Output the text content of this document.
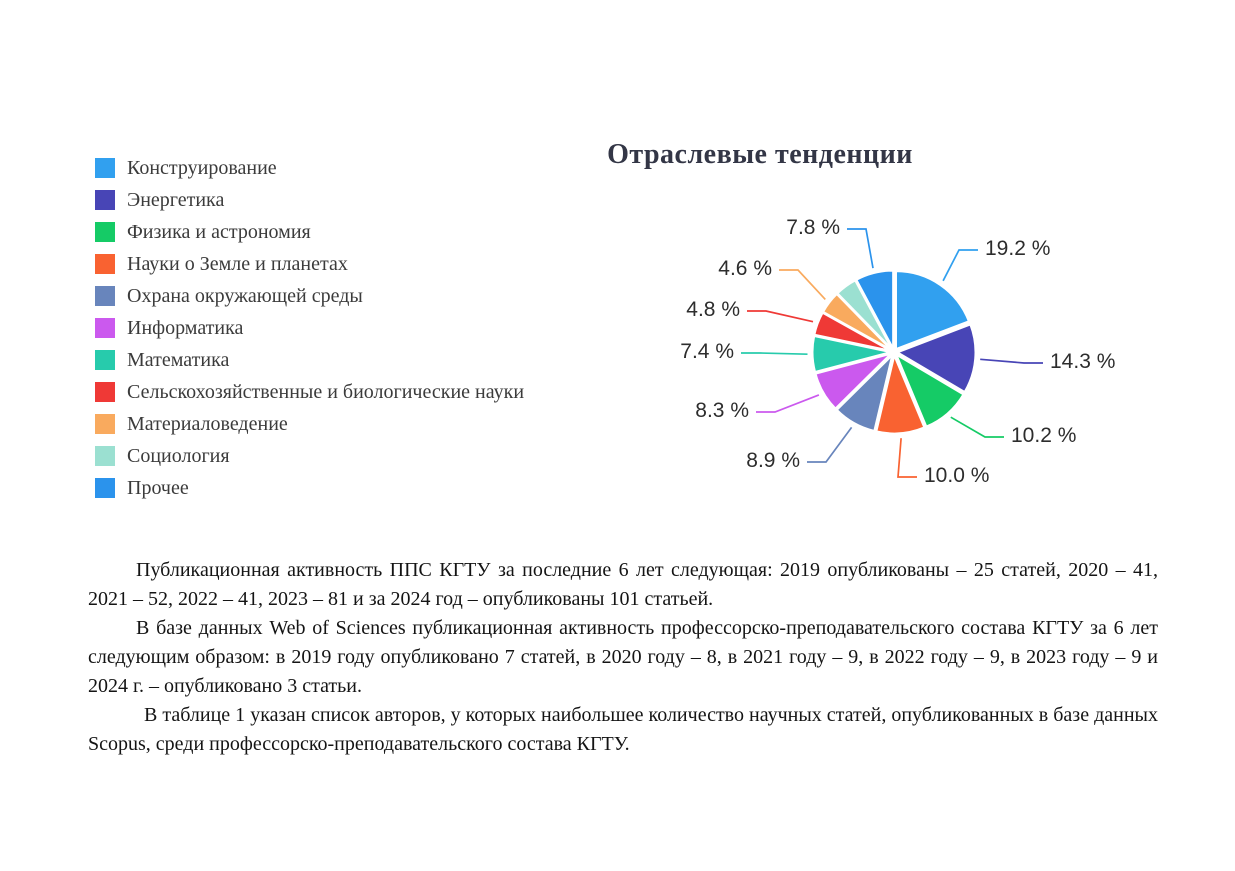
Отраслевые тенденции
Конструирование
Энергетика
Физика и астрономия
Науки о Земле и планетах
Охрана окружающей среды
Информатика
Математика
Сельскохозяйственные и биологические науки
Материаловедение
Социология
Прочее
19.2 %
14.3 %
10.2 %
10.0 %
8.9 %
8.3 %
7.4 %
4.8 %
4.6 %
7.8 %

Публикационная активность ППС КГТУ за последние 6 лет следующая: 2019 опубликованы – 25 статей, 2020 – 41, 2021 – 52, 2022 – 41, 2023 – 81 и за 2024 год – опубликованы 101 статьей.

В базе данных Web of Sciences публикационная активность профессорско-преподавательского состава КГТУ за 6 лет следующим образом: в 2019 году опубликовано 7 статей, в 2020 году – 8, в 2021 году – 9, в 2022 году – 9, в 2023 году – 9 и 2024 г. – опубликовано 3 статьи.

В таблице 1 указан список авторов, у которых наибольшее количество научных статей, опубликованных в базе данных Scopus, среди профессорско-преподавательского состава КГТУ.
